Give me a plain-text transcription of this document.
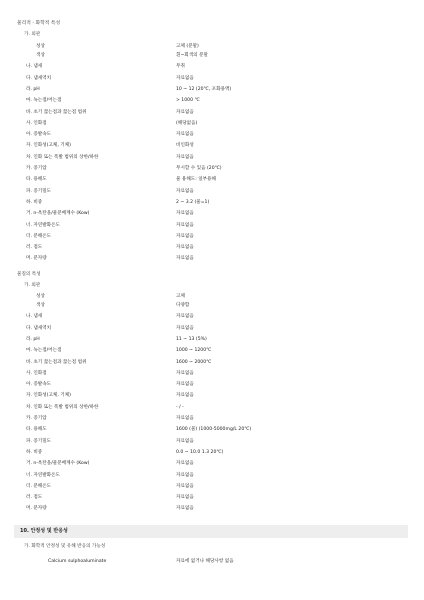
물리적 · 화학적 특성
가. 외관
성상	고체 (분말)
색상	흰~회색의 분말
나. 냄새	무취
다. 냄새역치	자료없음
라. pH	10 ~ 12 (20℃, 포화용액)
마. 녹는점/어는점	> 1000 ℃
바. 초기 끓는점과 끓는점 범위	자료없음
사. 인화점	(해당없음)
아. 증발속도	자료없음
자. 인화성(고체, 기체)	비인화성
차. 인화 또는 폭발 범위의 상한/하한	자료없음
카. 증기압	무시할 수 있음 (20℃)
타. 용해도	물 용해도: 일부용해
파. 증기밀도	자료없음
하. 비중	2 ~ 3.2 (물=1)
거. n-옥탄올/물분배계수 (Kow)	자료없음
너. 자연발화온도	자료없음
더. 분해온도	자료없음
러. 점도	자료없음
머. 분자량	자료없음
물질의 특성
가. 외관
성상	고체
색상	다양함
나. 냄새	자료없음
다. 냄새역치	자료없음
라. pH	11 ~ 13 (5%)
마. 녹는점/어는점	1000 ~ 1200℃
바. 초기 끓는점과 끓는점 범위	1600 ~ 2000℃
사. 인화점	자료없음
아. 증발속도	자료없음
자. 인화성(고체, 기체)	자료없음
차. 인화 또는 폭발 범위의 상한/하한	- / -
카. 증기압	자료없음
타. 용해도	1600 (물) (1000-5000mg/L 20℃)
파. 증기밀도	자료없음
하. 비중	0.0 ~ 10.0 1.3 20℃)
거. n-옥탄올/물분배계수 (Kow)	자료없음
너. 자연발화온도	자료없음
더. 분해온도	자료없음
러. 점도	자료없음
머. 분자량	자료없음
10. 안정성 및 반응성
가. 화학적 안정성 및 유해 반응의 가능성
Calcium sulphoaluminate	자료에 없거나 해당사항 없음
